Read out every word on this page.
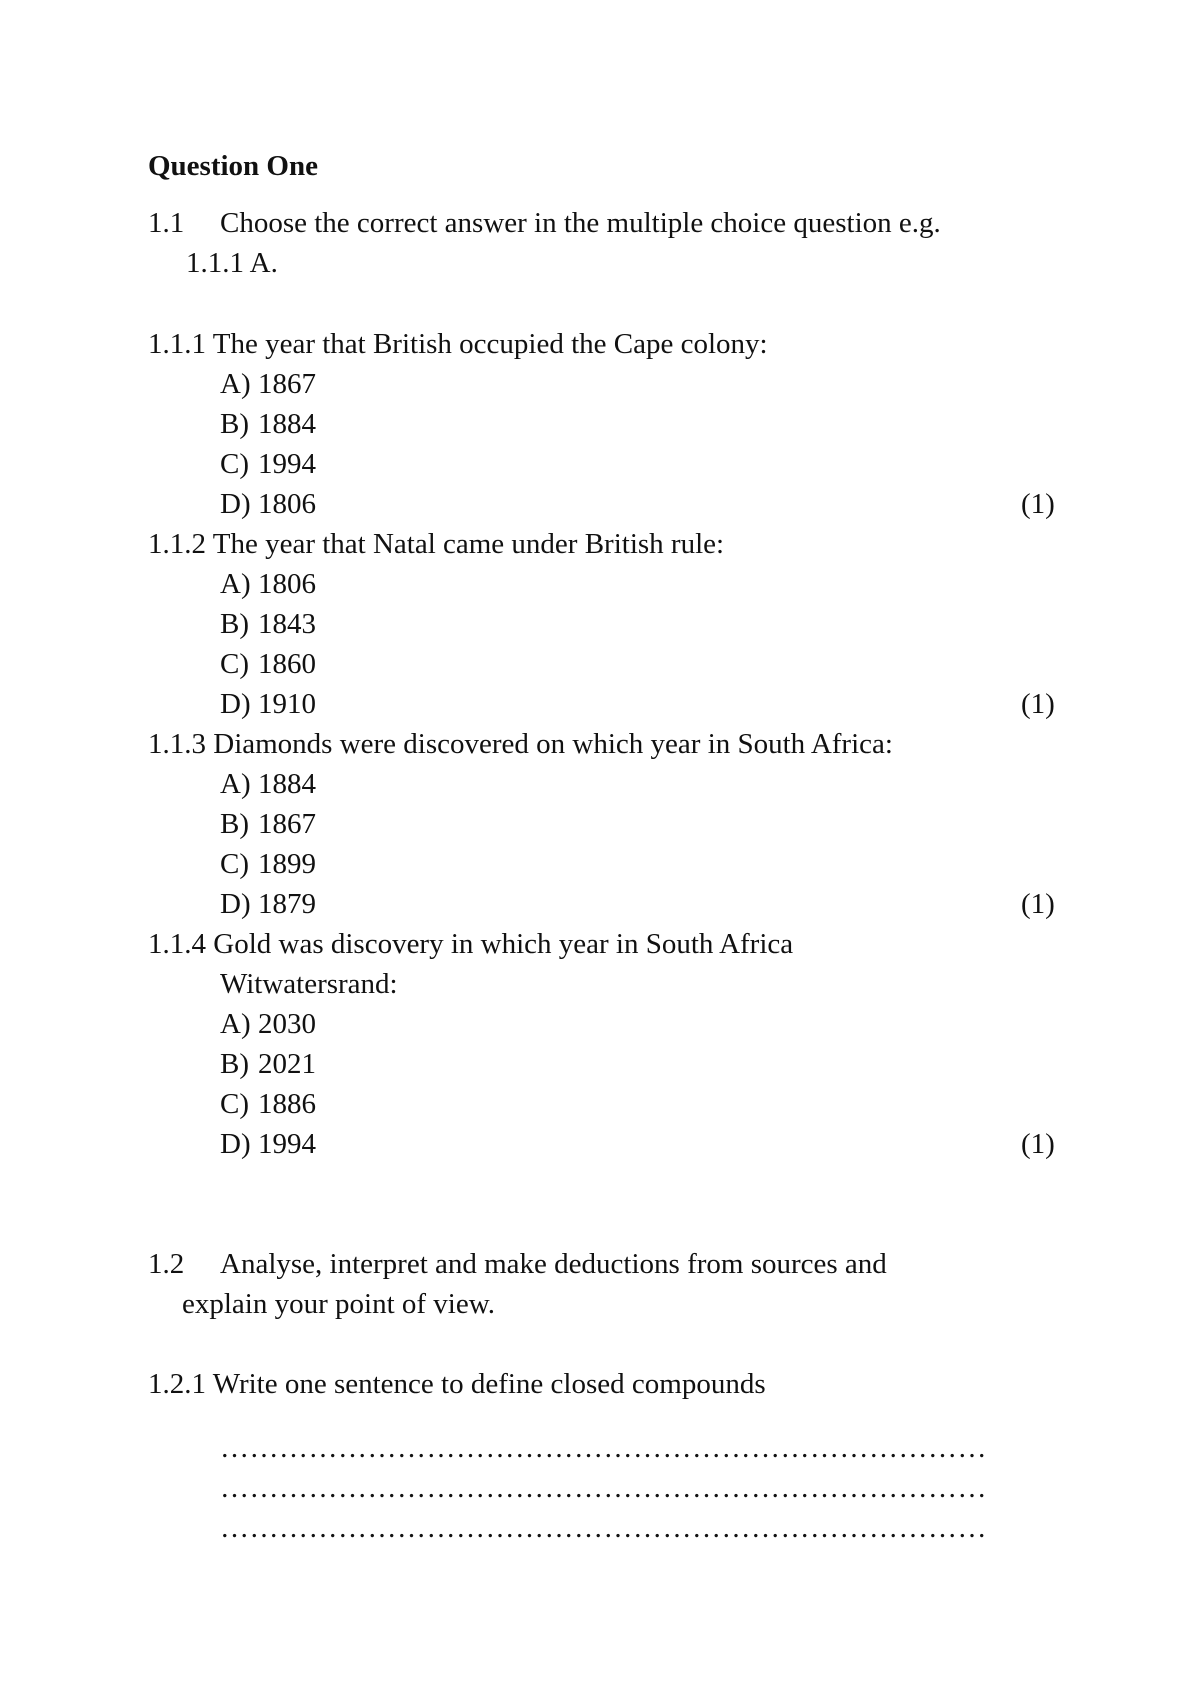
Question One
1.1 Choose the correct answer in the multiple choice question e.g.
1.1.1 A.
1.1.1 The year that British occupied the Cape colony:
A) 1867
B) 1884
C) 1994
D) 1806	(1)
1.1.2 The year that Natal came under British rule:
A) 1806
B) 1843
C) 1860
D) 1910	(1)
1.1.3 Diamonds were discovered on which year in South Africa:
A) 1884
B) 1867
C) 1899
D) 1879	(1)
1.1.4 Gold was discovery in which year in South Africa
Witwatersrand:
A) 2030
B) 2021
C) 1886
D) 1994	(1)
1.2 Analyse, interpret and make deductions from sources and
explain your point of view.
1.2.1 Write one sentence to define closed compounds
……………………………………………………………………
……………………………………………………………………
……………………………………………………………………
